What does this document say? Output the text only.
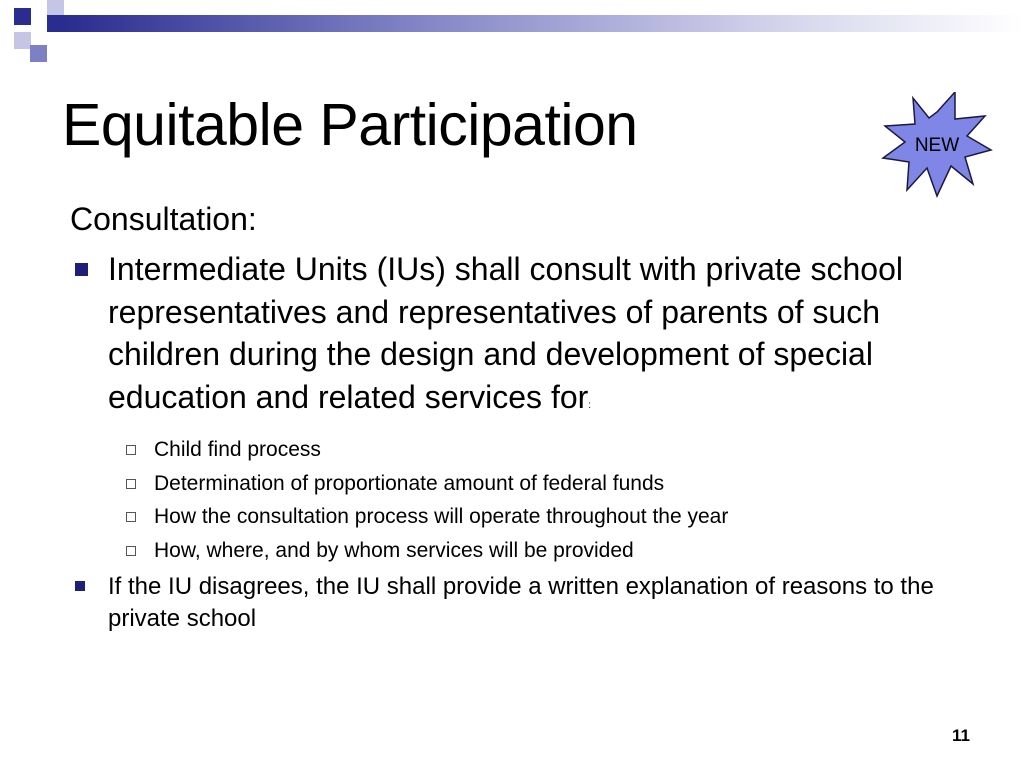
Equitable Participation	NEW
Consultation:
Intermediate Units (IUs) shall consult with private school representatives and representatives of parents of such children during the design and development of special education and related services for:
Child find process
Determination of proportionate amount of federal funds
How the consultation process will operate throughout the year
How, where, and by whom services will be provided
If the IU disagrees, the IU shall provide a written explanation of reasons to the private school
11
